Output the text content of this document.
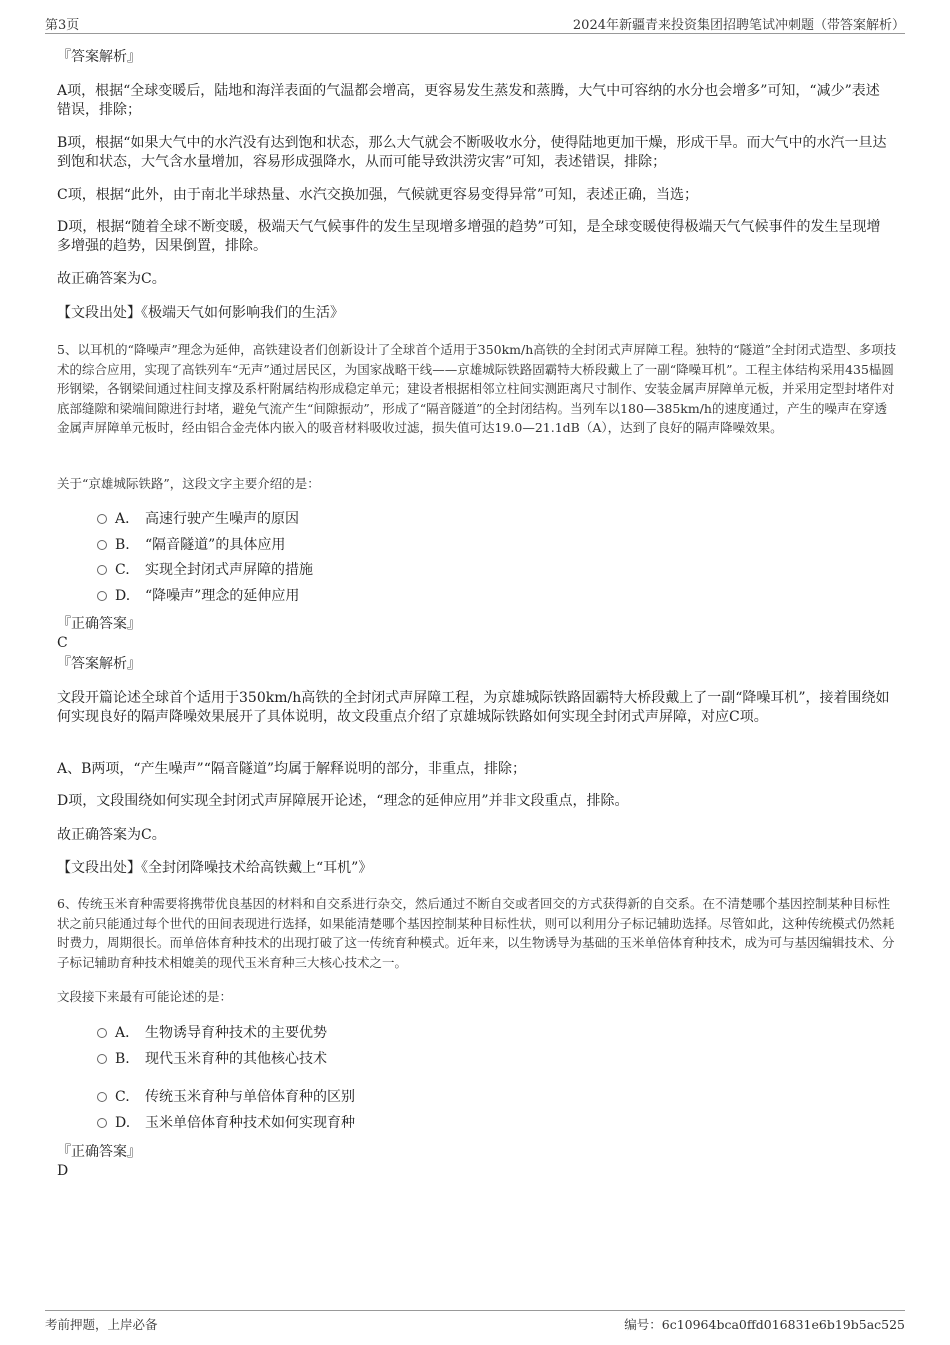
第3页	2024年新疆青来投资集团招聘笔试冲刺题（带答案解析）
『答案解析』
A项，根据“全球变暖后，陆地和海洋表面的气温都会增高，更容易发生蒸发和蒸腾，大气中可容纳的水分也会增多”可知，“减少”表述错误，排除；
B项，根据“如果大气中的水汽没有达到饱和状态，那么大气就会不断吸收水分，使得陆地更加干燥，形成干旱。而大气中的水汽一旦达到饱和状态，大气含水量增加，容易形成强降水，从而可能导致洪涝灾害”可知，表述错误，排除；
C项，根据“此外，由于南北半球热量、水汽交换加强，气候就更容易变得异常”可知，表述正确，当选；
D项，根据“随着全球不断变暖，极端天气气候事件的发生呈现增多增强的趋势”可知，是全球变暖使得极端天气气候事件的发生呈现增多增强的趋势，因果倒置，排除。
故正确答案为C。
【文段出处】《极端天气如何影响我们的生活》
5、以耳机的“降噪声”理念为延伸，高铁建设者们创新设计了全球首个适用于350km/h高铁的全封闭式声屏障工程。独特的“隧道”全封闭式造型、多项技术的综合应用，实现了高铁列车“无声”通过居民区，为国家战略干线——京雄城际铁路固霸特大桥段戴上了一副“降噪耳机”。工程主体结构采用435榀圆形钢梁，各钢梁间通过柱间支撑及系杆附属结构形成稳定单元；建设者根据相邻立柱间实测距离尺寸制作、安装金属声屏障单元板，并采用定型封堵件对底部缝隙和梁端间隙进行封堵，避免气流产生“间隙振动”，形成了“隔音隧道”的全封闭结构。当列车以180—385km/h的速度通过，产生的噪声在穿透金属声屏障单元板时，经由铝合金壳体内嵌入的吸音材料吸收过滤，损失值可达19.0—21.1dB（A），达到了良好的隔声降噪效果。
关于“京雄城际铁路”，这段文字主要介绍的是：
A． 高速行驶产生噪声的原因
B. “隔音隧道”的具体应用
C. 实现全封闭式声屏障的措施
D. “降噪声”理念的延伸应用
『正确答案』
C
『答案解析』
文段开篇论述全球首个适用于350km/h高铁的全封闭式声屏障工程，为京雄城际铁路固霸特大桥段戴上了一副“降噪耳机”，接着围绕如何实现良好的隔声降噪效果展开了具体说明，故文段重点介绍了京雄城际铁路如何实现全封闭式声屏障，对应C项。
A、B两项，“产生噪声”“隔音隧道”均属于解释说明的部分，非重点，排除；
D项，文段围绕如何实现全封闭式声屏障展开论述，“理念的延伸应用”并非文段重点，排除。
故正确答案为C。
【文段出处】《全封闭降噪技术给高铁戴上“耳机”》
6、传统玉米育种需要将携带优良基因的材料和自交系进行杂交，然后通过不断自交或者回交的方式获得新的自交系。在不清楚哪个基因控制某种目标性状之前只能通过每个世代的田间表现进行选择，如果能清楚哪个基因控制某种目标性状，则可以利用分子标记辅助选择。尽管如此，这种传统模式仍然耗时费力，周期很长。而单倍体育种技术的出现打破了这一传统育种模式。近年来，以生物诱导为基础的玉米单倍体育种技术，成为可与基因编辑技术、分子标记辅助育种技术相媲美的现代玉米育种三大核心技术之一。
文段接下来最有可能论述的是：
A． 生物诱导育种技术的主要优势
B. 现代玉米育种的其他核心技术
C. 传统玉米育种与单倍体育种的区别
D. 玉米单倍体育种技术如何实现育种
『正确答案』
D
考前押题，上岸必备	编号：6c10964bca0ffd016831e6b19b5ac525
